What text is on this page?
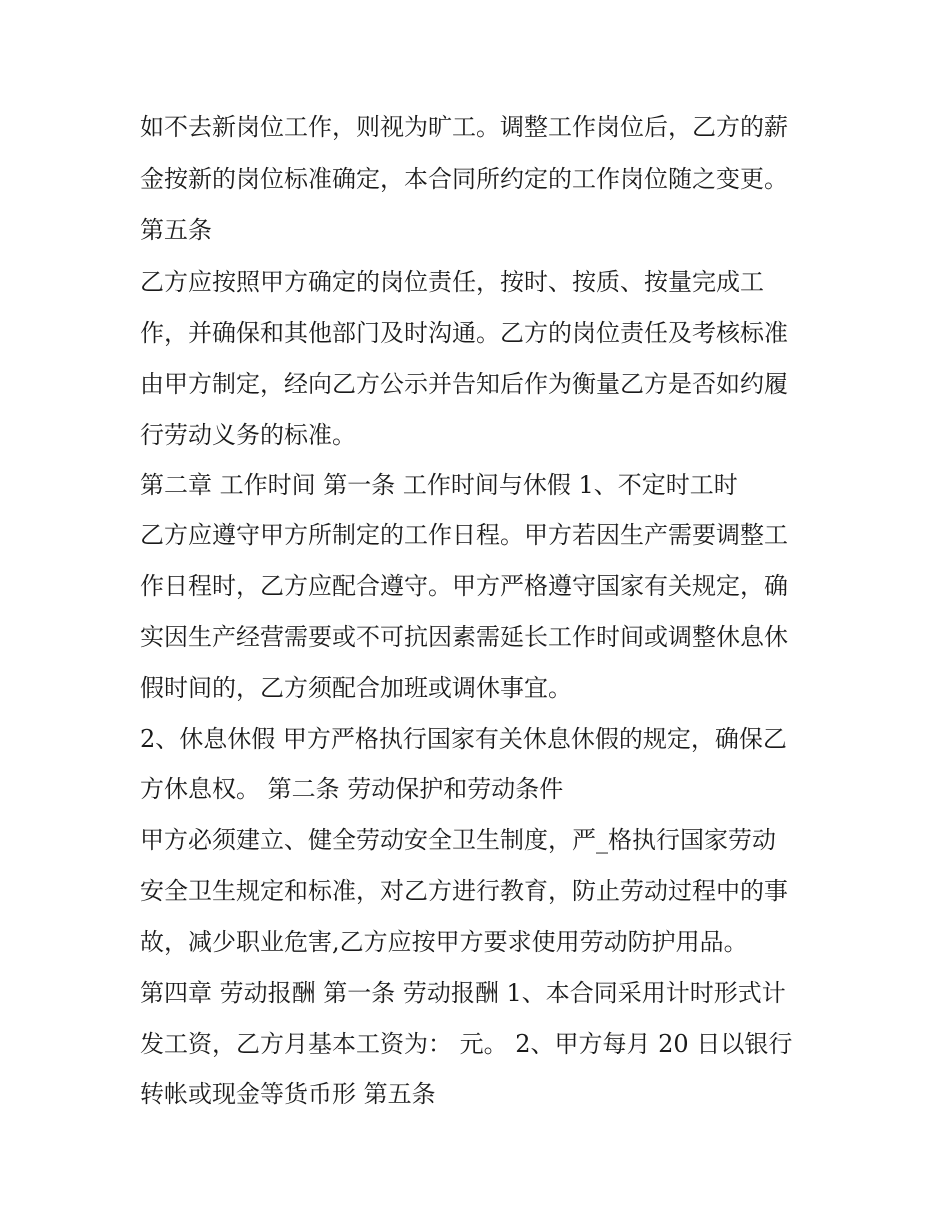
如不去新岗位工作，则视为旷工。调整工作岗位后，乙方的薪
金按新的岗位标准确定，本合同所约定的工作岗位随之变更。
第五条
乙方应按照甲方确定的岗位责任，按时、按质、按量完成工
作，并确保和其他部门及时沟通。乙方的岗位责任及考核标准
由甲方制定，经向乙方公示并告知后作为衡量乙方是否如约履
行劳动义务的标准。
第二章 工作时间 第一条 工作时间与休假 1、不定时工时
乙方应遵守甲方所制定的工作日程。甲方若因生产需要调整工
作日程时，乙方应配合遵守。甲方严格遵守国家有关规定，确
实因生产经营需要或不可抗因素需延长工作时间或调整休息休
假时间的，乙方须配合加班或调休事宜。
2、休息休假 甲方严格执行国家有关休息休假的规定，确保乙
方休息权。 第二条 劳动保护和劳动条件
甲方必须建立、健全劳动安全卫生制度，严_格执行国家劳动
安全卫生规定和标准，对乙方进行教育，防止劳动过程中的事
故，减少职业危害,乙方应按甲方要求使用劳动防护用品。
第四章 劳动报酬 第一条 劳动报酬 1、本合同采用计时形式计
发工资，乙方月基本工资为： 元。 2、甲方每月 20 日以银行
转帐或现金等货币形 第五条
